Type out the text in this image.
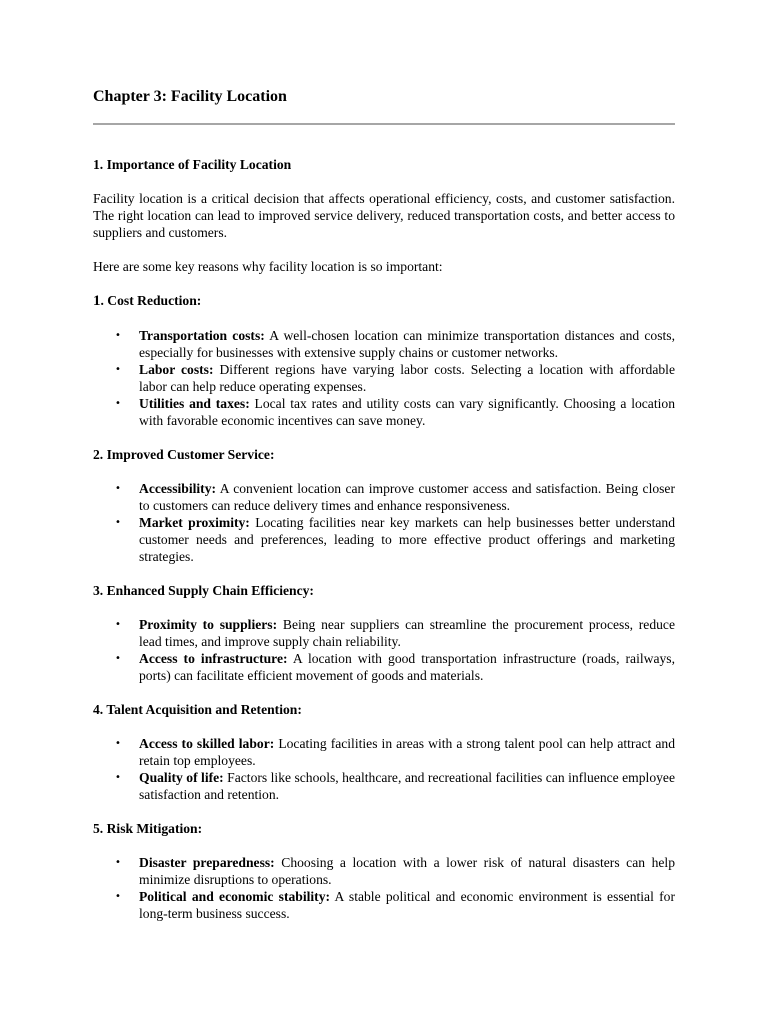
Chapter 3: Facility Location
1. Importance of Facility Location

Facility location is a critical decision that affects operational efficiency, costs, and customer satisfaction. The right location can lead to improved service delivery, reduced transportation costs, and better access to suppliers and customers.

Here are some key reasons why facility location is so important:

1. Cost Reduction:
• Transportation costs: A well-chosen location can minimize transportation distances and costs, especially for businesses with extensive supply chains or customer networks.
• Labor costs: Different regions have varying labor costs. Selecting a location with affordable labor can help reduce operating expenses.
• Utilities and taxes: Local tax rates and utility costs can vary significantly. Choosing a location with favorable economic incentives can save money.
2. Improved Customer Service:
• Accessibility: A convenient location can improve customer access and satisfaction. Being closer to customers can reduce delivery times and enhance responsiveness.
• Market proximity: Locating facilities near key markets can help businesses better understand customer needs and preferences, leading to more effective product offerings and marketing strategies.
3. Enhanced Supply Chain Efficiency:
• Proximity to suppliers: Being near suppliers can streamline the procurement process, reduce lead times, and improve supply chain reliability.
• Access to infrastructure: A location with good transportation infrastructure (roads, railways, ports) can facilitate efficient movement of goods and materials.
4. Talent Acquisition and Retention:
• Access to skilled labor: Locating facilities in areas with a strong talent pool can help attract and retain top employees.
• Quality of life: Factors like schools, healthcare, and recreational facilities can influence employee satisfaction and retention.
5. Risk Mitigation:
• Disaster preparedness: Choosing a location with a lower risk of natural disasters can help minimize disruptions to operations.
• Political and economic stability: A stable political and economic environment is essential for long-term business success.
